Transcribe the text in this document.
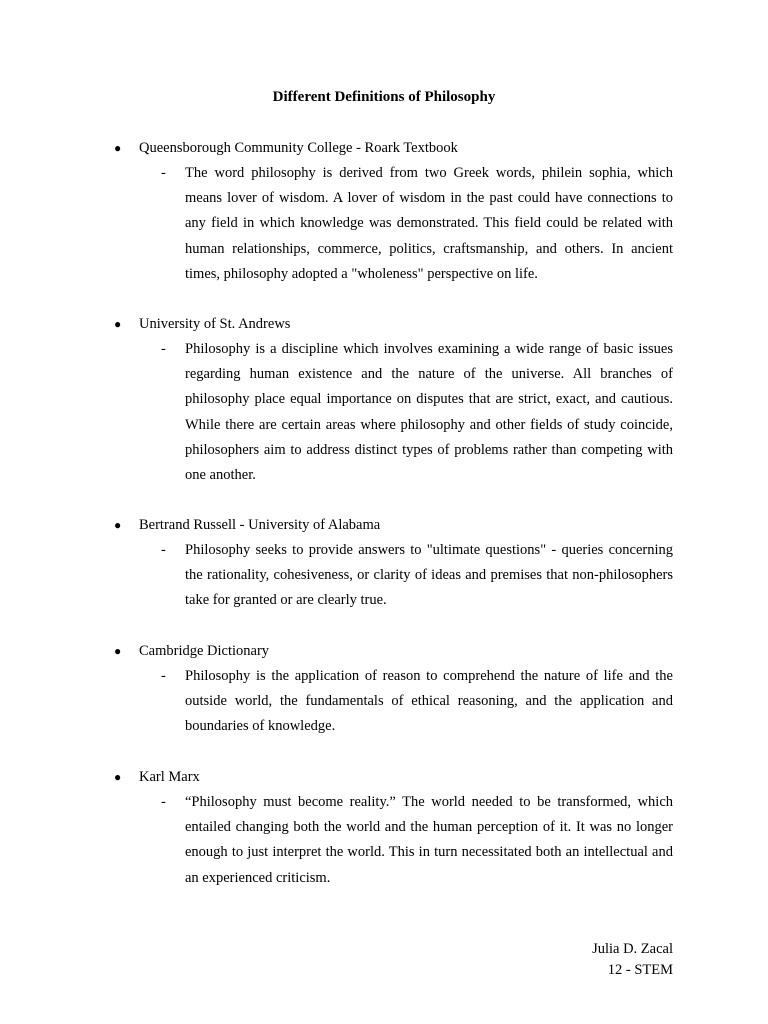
Different Definitions of Philosophy
● Queensborough Community College - Roark Textbook
- The word philosophy is derived from two Greek words, philein sophia, which means lover of wisdom. A lover of wisdom in the past could have connections to any field in which knowledge was demonstrated. This field could be related with human relationships, commerce, politics, craftsmanship, and others. In ancient times, philosophy adopted a "wholeness" perspective on life.
● University of St. Andrews
- Philosophy is a discipline which involves examining a wide range of basic issues regarding human existence and the nature of the universe. All branches of philosophy place equal importance on disputes that are strict, exact, and cautious. While there are certain areas where philosophy and other fields of study coincide, philosophers aim to address distinct types of problems rather than competing with one another.
● Bertrand Russell - University of Alabama
- Philosophy seeks to provide answers to "ultimate questions" - queries concerning the rationality, cohesiveness, or clarity of ideas and premises that non-philosophers take for granted or are clearly true.
● Cambridge Dictionary
- Philosophy is the application of reason to comprehend the nature of life and the outside world, the fundamentals of ethical reasoning, and the application and boundaries of knowledge.
● Karl Marx
- “Philosophy must become reality.” The world needed to be transformed, which entailed changing both the world and the human perception of it. It was no longer enough to just interpret the world. This in turn necessitated both an intellectual and an experienced criticism.
Julia D. Zacal
12 - STEM
